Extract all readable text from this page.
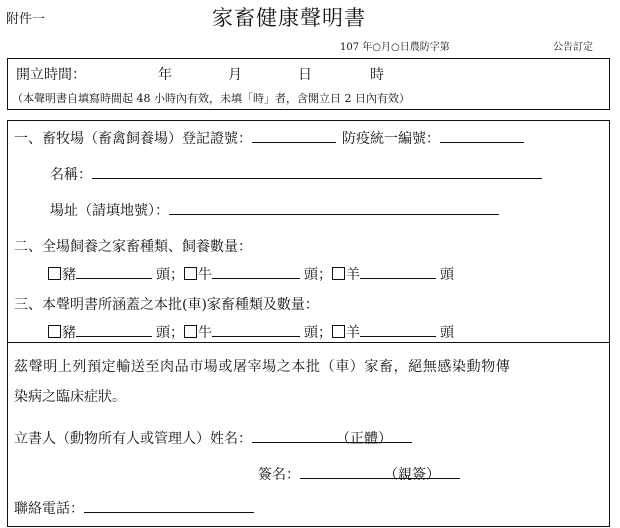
附件一	家畜健康聲明書
107 年○月○日農防字第	公告訂定
開立時間：	年	月	日	時
（本聲明書自填寫時間起 48 小時內有效，未填「時」者，含開立日 2 日內有效）
一、畜牧場（畜禽飼養場）登記證號：	防疫統一編號：
名稱：
場址（請填地號）：
二、全場飼養之家畜種類、飼養數量：
豬	頭； 牛	頭； 羊	頭
三、本聲明書所涵蓋之本批(車)家畜種類及數量：
豬	頭； 牛	頭； 羊	頭
茲聲明上列預定輸送至肉品市場或屠宰場之本批（車）家畜，絕無感染動物傳
染病之臨床症狀。
立書人（動物所有人或管理人）姓名：	（正體）
簽名：	（親簽）
聯絡電話：
